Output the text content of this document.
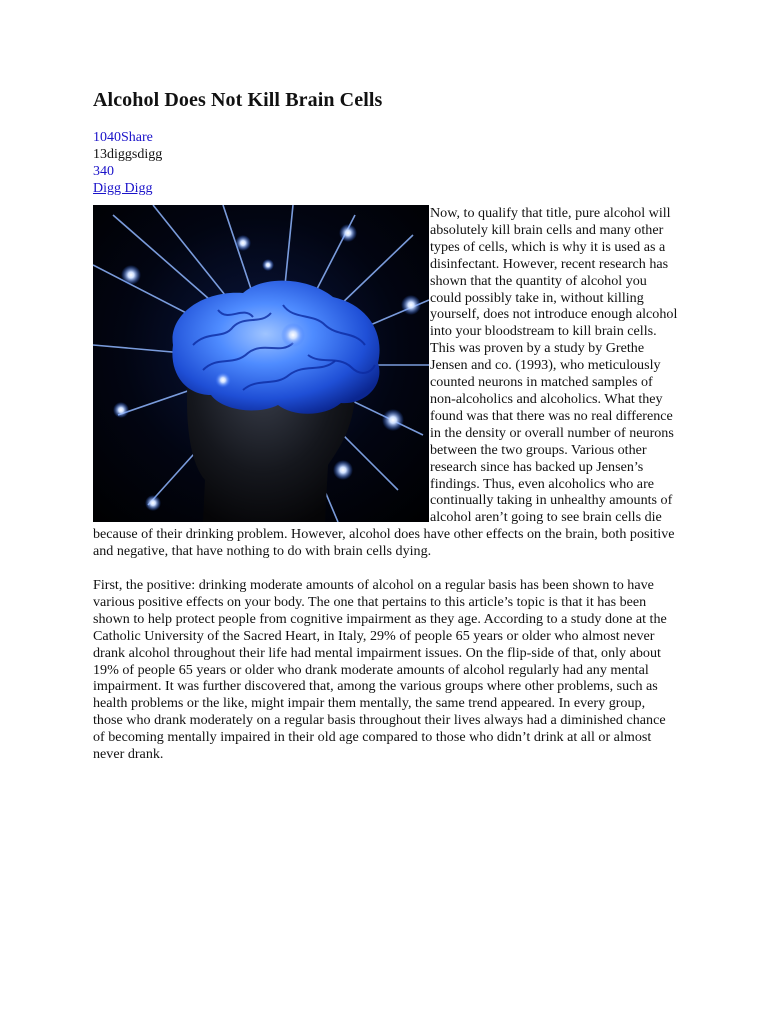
Alcohol Does Not Kill Brain Cells
1040Share
13diggsdigg
340
Digg Digg
Now, to qualify that title, pure alcohol will absolutely kill brain cells and many other types of cells, which is why it is used as a disinfectant. However, recent research has shown that the quantity of alcohol you could possibly take in, without killing yourself, does not introduce enough alcohol into your bloodstream to kill brain cells. This was proven by a study by Grethe Jensen and co. (1993), who meticulously counted neurons in matched samples of non-alcoholics and alcoholics. What they found was that there was no real difference in the density or overall number of neurons between the two groups. Various other research since has backed up Jensen’s findings. Thus, even alcoholics who are continually taking in unhealthy amounts of alcohol aren’t going to see brain cells die because of their drinking problem. However, alcohol does have other effects on the brain, both positive and negative, that have nothing to do with brain cells dying.

First, the positive: drinking moderate amounts of alcohol on a regular basis has been shown to have various positive effects on your body. The one that pertains to this article’s topic is that it has been shown to help protect people from cognitive impairment as they age. According to a study done at the Catholic University of the Sacred Heart, in Italy, 29% of people 65 years or older who almost never drank alcohol throughout their life had mental impairment issues. On the flip-side of that, only about 19% of people 65 years or older who drank moderate amounts of alcohol regularly had any mental impairment. It was further discovered that, among the various groups where other problems, such as health problems or the like, might impair them mentally, the same trend appeared. In every group, those who drank moderately on a regular basis throughout their lives always had a diminished chance of becoming mentally impaired in their old age compared to those who didn’t drink at all or almost never drank.
